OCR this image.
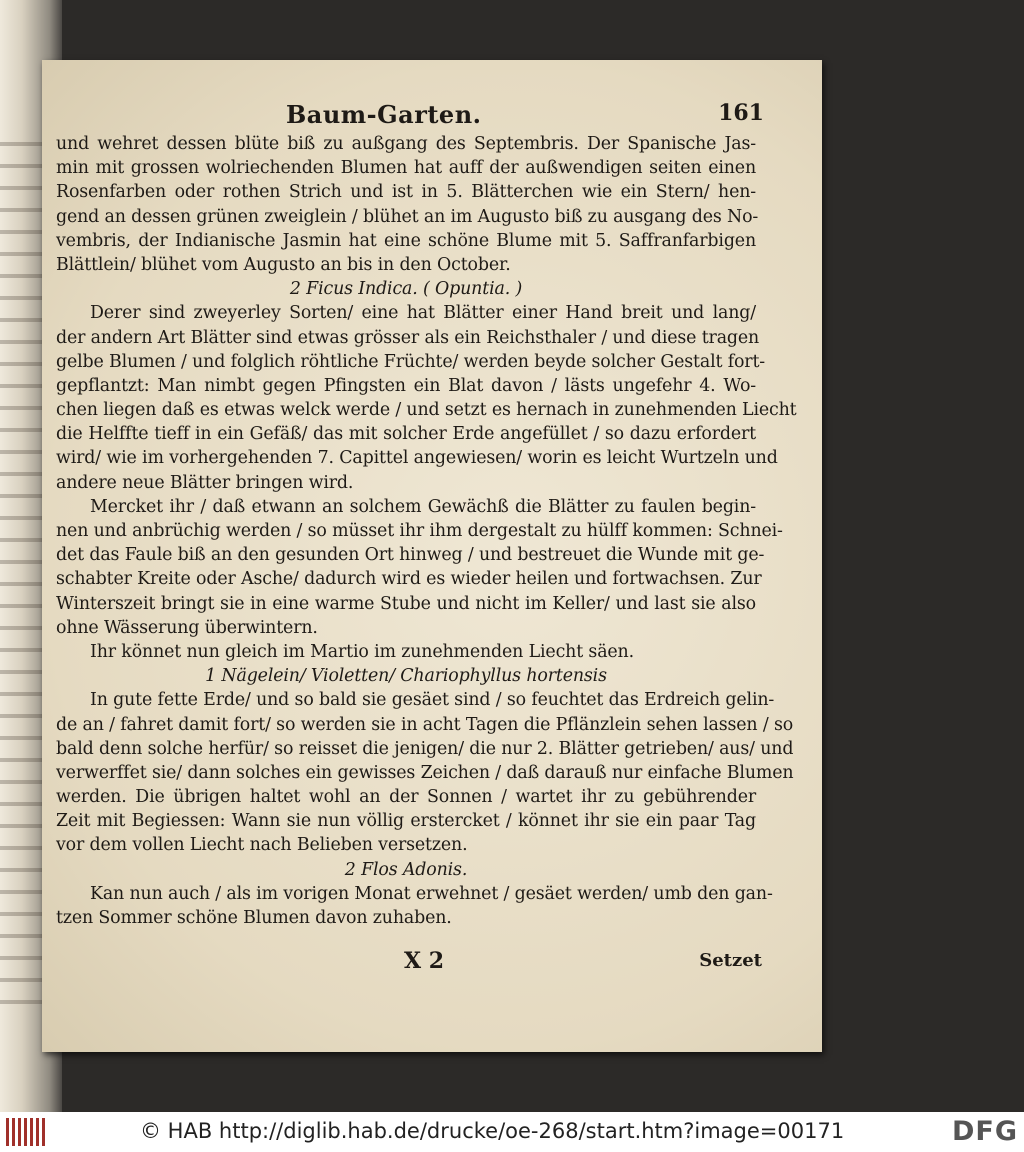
Baum-Garten.	161
und wehret dessen blüte biß zu außgang des Septembris. Der Spanische Jas-
min mit grossen wolriechenden Blumen hat auff der außwendigen seiten einen
Rosenfarben oder rothen Strich und ist in 5. Blätterchen wie ein Stern/ hen-
gend an dessen grünen zweiglein / blühet an im Augusto biß zu ausgang des No-
vembris, der Indianische Jasmin hat eine schöne Blume mit 5. Saffranfarbigen
Blättlein/ blühet vom Augusto an bis in den October.
2 Ficus Indica. ( Opuntia. )
Derer sind zweyerley Sorten/ eine hat Blätter einer Hand breit und lang/
der andern Art Blätter sind etwas grösser als ein Reichsthaler / und diese tragen
gelbe Blumen / und folglich röhtliche Früchte/ werden beyde solcher Gestalt fort-
gepflantzt: Man nimbt gegen Pfingsten ein Blat davon / lästs ungefehr 4. Wo-
chen liegen daß es etwas welck werde / und setzt es hernach in zunehmenden Liecht
die Helffte tieff in ein Gefäß/ das mit solcher Erde angefüllet / so dazu erfordert
wird/ wie im vorhergehenden 7. Capittel angewiesen/ worin es leicht Wurtzeln und
andere neue Blätter bringen wird.
Mercket ihr / daß etwann an solchem Gewächß die Blätter zu faulen begin-
nen und anbrüchig werden / so müsset ihr ihm dergestalt zu hülff kommen: Schnei-
det das Faule biß an den gesunden Ort hinweg / und bestreuet die Wunde mit ge-
schabter Kreite oder Asche/ dadurch wird es wieder heilen und fortwachsen. Zur
Winterszeit bringt sie in eine warme Stube und nicht im Keller/ und last sie also
ohne Wässerung überwintern.
Ihr könnet nun gleich im Martio im zunehmenden Liecht säen.
1 Nägelein/ Violetten/ Chariophyllus hortensis
In gute fette Erde/ und so bald sie gesäet sind / so feuchtet das Erdreich gelin-
de an / fahret damit fort/ so werden sie in acht Tagen die Pflänzlein sehen lassen / so
bald denn solche herfür/ so reisset die jenigen/ die nur 2. Blätter getrieben/ aus/ und
verwerffet sie/ dann solches ein gewisses Zeichen / daß darauß nur einfache Blumen
werden. Die übrigen haltet wohl an der Sonnen / wartet ihr zu gebührender
Zeit mit Begiessen: Wann sie nun völlig erstercket / könnet ihr sie ein paar Tag
vor dem vollen Liecht nach Belieben versetzen.
2 Flos Adonis.
Kan nun auch / als im vorigen Monat erwehnet / gesäet werden/ umb den gan-
tzen Sommer schöne Blumen davon zuhaben.
X 2	Setzet
© HAB http://diglib.hab.de/drucke/oe-268/start.htm?image=00171	DFG
